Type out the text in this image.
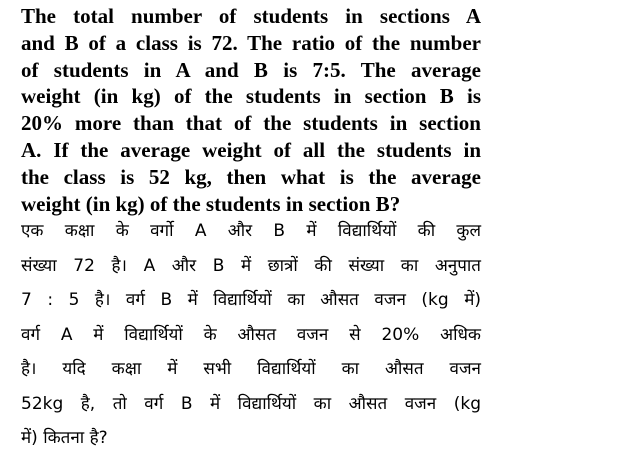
The total number of students in sections A
and B of a class is 72. The ratio of the number
of students in A and B is 7:5. The average
weight (in kg) of the students in section B is
20% more than that of the students in section
A. If the average weight of all the students in
the class is 52 kg, then what is the average
weight (in kg) of the students in section B?
एक कक्षा के वर्गो A और B में विद्यार्थियों की कुल
संख्या 72 है। A और B में छात्रों की संख्या का अनुपात
7 : 5 है। वर्ग B में विद्यार्थियों का औसत वजन (kg में)
वर्ग A में विद्यार्थियों के औसत वजन से 20% अधिक
है। यदि कक्षा में सभी विद्यार्थियों का औसत वजन
52kg है, तो वर्ग B में विद्यार्थियों का औसत वजन (kg
में) कितना है?
